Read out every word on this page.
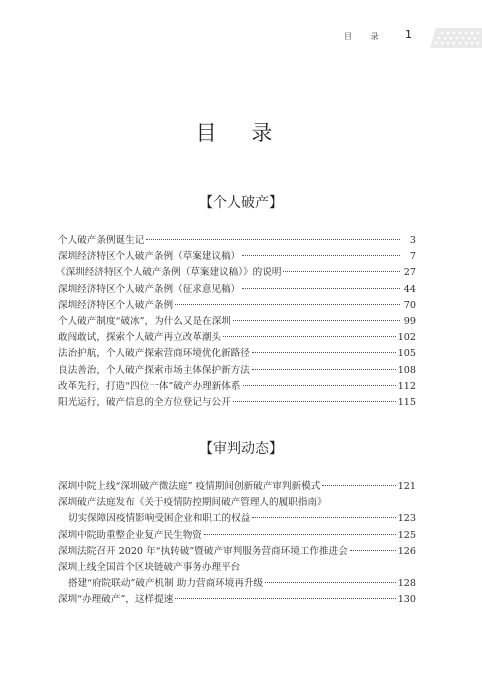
目 录 1
目 录
【个人破产】
个人破产条例诞生记	3
深圳经济特区个人破产条例（草案建议稿）	7
《深圳经济特区个人破产条例（草案建议稿）》的说明	27
深圳经济特区个人破产条例（征求意见稿）	44
深圳经济特区个人破产条例	70
个人破产制度“破冰”，为什么又是在深圳	99
敢闯敢试，探索个人破产再立改革潮头	102
法治护航，个人破产探索营商环境优化新路径	105
良法善治，个人破产探索市场主体保护新方法	108
改革先行，打造“四位一体”破产办理新体系	112
阳光运行，破产信息的全方位登记与公开	115
【审判动态】
深圳中院上线“深圳破产微法庭” 疫情期间创新破产审判新模式	121
深圳破产法庭发布《关于疫情防控期间破产管理人的履职指南》
切实保障因疫情影响受困企业和职工的权益	123
深圳中院助重整企业复产民生物资	125
深圳法院召开 2020 年“执转破”暨破产审判服务营商环境工作推进会	126
深圳上线全国首个区块链破产事务办理平台
搭建“府院联动”破产机制 助力营商环境再升级	128
深圳“办理破产”，这样提速	130
